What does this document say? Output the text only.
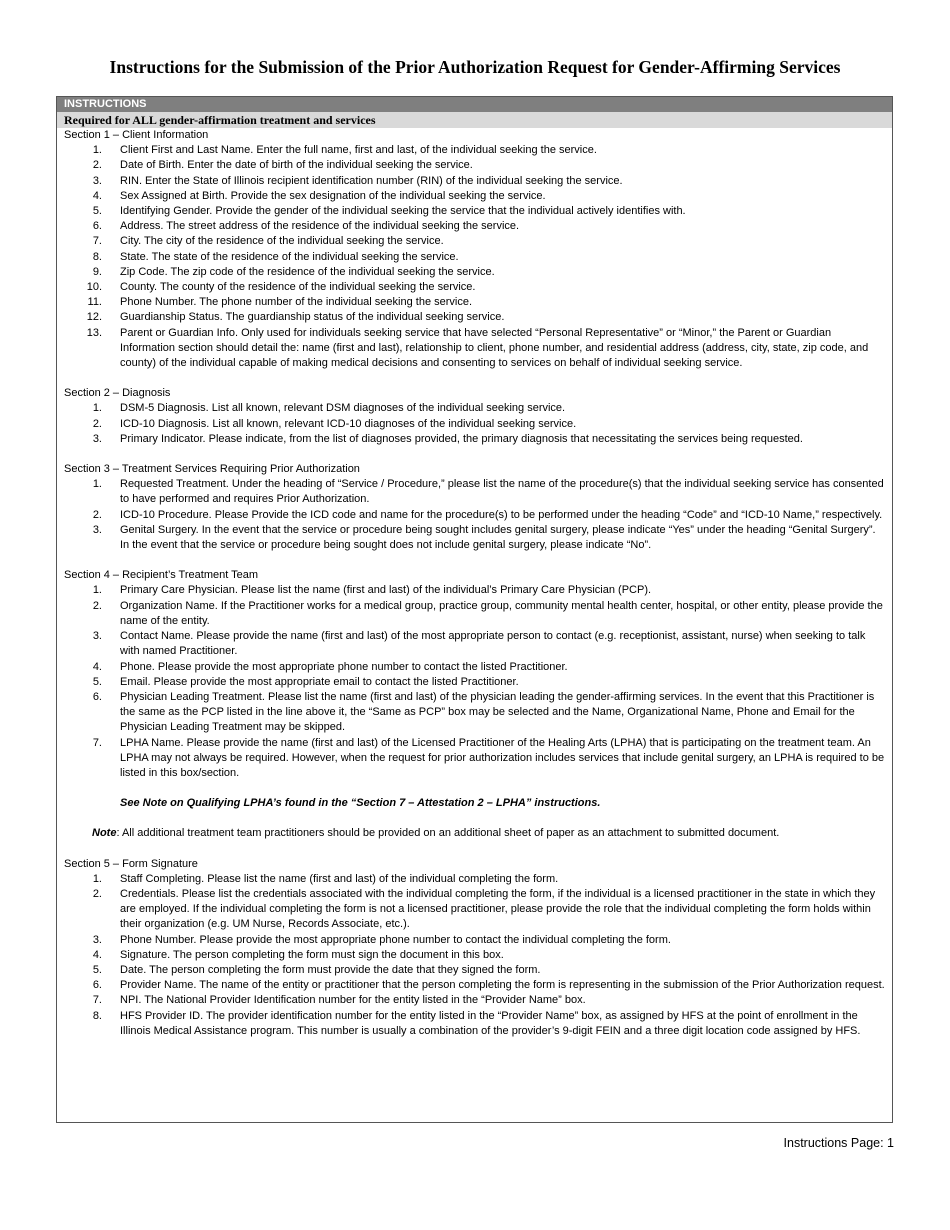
Instructions for the Submission of the Prior Authorization Request for Gender-Affirming Services
INSTRUCTIONS
Required for ALL gender-affirmation treatment and services
Section 1 – Client Information
1. Client First and Last Name. Enter the full name, first and last, of the individual seeking the service.
2. Date of Birth. Enter the date of birth of the individual seeking the service.
3. RIN. Enter the State of Illinois recipient identification number (RIN) of the individual seeking the service.
4. Sex Assigned at Birth. Provide the sex designation of the individual seeking the service.
5. Identifying Gender. Provide the gender of the individual seeking the service that the individual actively identifies with.
6. Address. The street address of the residence of the individual seeking the service.
7. City. The city of the residence of the individual seeking the service.
8. State. The state of the residence of the individual seeking the service.
9. Zip Code. The zip code of the residence of the individual seeking the service.
10. County. The county of the residence of the individual seeking the service.
11. Phone Number. The phone number of the individual seeking the service.
12. Guardianship Status. The guardianship status of the individual seeking service.
13. Parent or Guardian Info. Only used for individuals seeking service that have selected “Personal Representative” or “Minor,” the Parent or Guardian Information section should detail the: name (first and last), relationship to client, phone number, and residential address (address, city, state, zip code, and county) of the individual capable of making medical decisions and consenting to services on behalf of individual seeking service.
Section 2 – Diagnosis
1. DSM-5 Diagnosis. List all known, relevant DSM diagnoses of the individual seeking service.
2. ICD-10 Diagnosis. List all known, relevant ICD-10 diagnoses of the individual seeking service.
3. Primary Indicator. Please indicate, from the list of diagnoses provided, the primary diagnosis that necessitating the services being requested.
Section 3 – Treatment Services Requiring Prior Authorization
1. Requested Treatment. Under the heading of “Service / Procedure,” please list the name of the procedure(s) that the individual seeking service has consented to have performed and requires Prior Authorization.
2. ICD-10 Procedure. Please Provide the ICD code and name for the procedure(s) to be performed under the heading “Code” and “ICD-10 Name,” respectively.
3. Genital Surgery. In the event that the service or procedure being sought includes genital surgery, please indicate “Yes” under the heading “Genital Surgery”. In the event that the service or procedure being sought does not include genital surgery, please indicate “No”.
Section 4 – Recipient’s Treatment Team
1. Primary Care Physician. Please list the name (first and last) of the individual’s Primary Care Physician (PCP).
2. Organization Name. If the Practitioner works for a medical group, practice group, community mental health center, hospital, or other entity, please provide the name of the entity.
3. Contact Name. Please provide the name (first and last) of the most appropriate person to contact (e.g. receptionist, assistant, nurse) when seeking to talk with named Practitioner.
4. Phone. Please provide the most appropriate phone number to contact the listed Practitioner.
5. Email. Please provide the most appropriate email to contact the listed Practitioner.
6. Physician Leading Treatment. Please list the name (first and last) of the physician leading the gender-affirming services. In the event that this Practitioner is the same as the PCP listed in the line above it, the “Same as PCP” box may be selected and the Name, Organizational Name, Phone and Email for the Physician Leading Treatment may be skipped.
7. LPHA Name. Please provide the name (first and last) of the Licensed Practitioner of the Healing Arts (LPHA) that is participating on the treatment team. An LPHA may not always be required. However, when the request for prior authorization includes services that include genital surgery, an LPHA is required to be listed in this box/section.
See Note on Qualifying LPHA’s found in the “Section 7 – Attestation 2 – LPHA” instructions.
Note: All additional treatment team practitioners should be provided on an additional sheet of paper as an attachment to submitted document.
Section 5 – Form Signature
1. Staff Completing. Please list the name (first and last) of the individual completing the form.
2. Credentials. Please list the credentials associated with the individual completing the form, if the individual is a licensed practitioner in the state in which they are employed. If the individual completing the form is not a licensed practitioner, please provide the role that the individual completing the form holds within their organization (e.g. UM Nurse, Records Associate, etc.).
3. Phone Number. Please provide the most appropriate phone number to contact the individual completing the form.
4. Signature. The person completing the form must sign the document in this box.
5. Date. The person completing the form must provide the date that they signed the form.
6. Provider Name. The name of the entity or practitioner that the person completing the form is representing in the submission of the Prior Authorization request.
7. NPI. The National Provider Identification number for the entity listed in the “Provider Name” box.
8. HFS Provider ID. The provider identification number for the entity listed in the “Provider Name” box, as assigned by HFS at the point of enrollment in the Illinois Medical Assistance program. This number is usually a combination of the provider’s 9-digit FEIN and a three digit location code assigned by HFS.
Instructions Page: 1
